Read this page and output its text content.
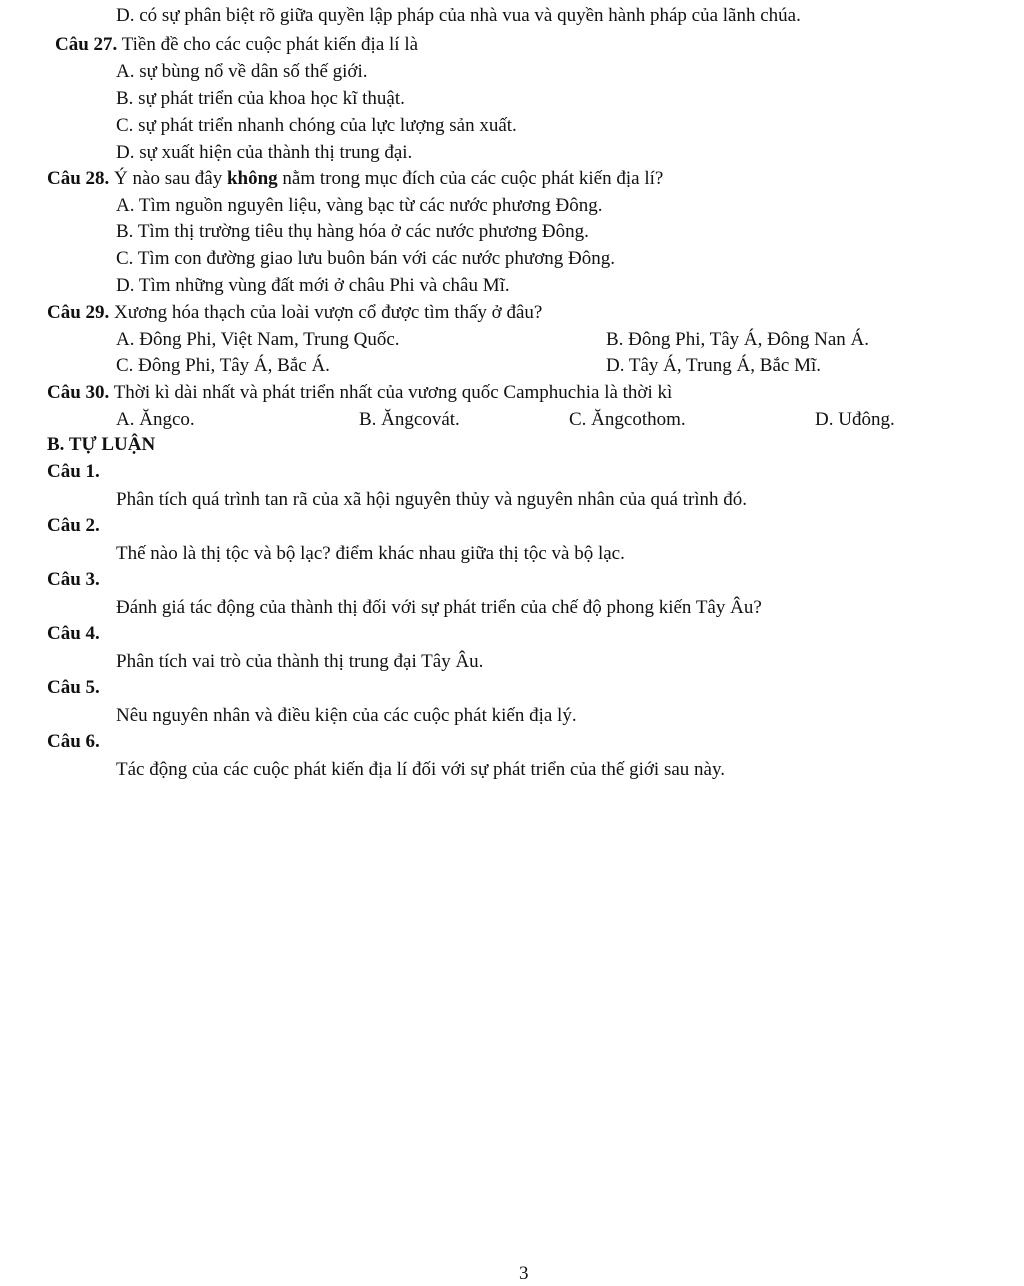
D. có sự phân biệt rõ giữa quyền lập pháp của nhà vua và quyền hành pháp của lãnh chúa.
Câu 27. Tiền đề cho các cuộc phát kiến địa lí là
A. sự bùng nổ về dân số thế giới.
B. sự phát triển của khoa học kĩ thuật.
C. sự phát triển nhanh chóng của lực lượng sản xuất.
D. sự xuất hiện của thành thị trung đại.
Câu 28. Ý nào sau đây không nằm trong mục đích của các cuộc phát kiến địa lí?
A. Tìm nguồn nguyên liệu, vàng bạc từ các nước phương Đông.
B. Tìm thị trường tiêu thụ hàng hóa ở các nước phương Đông.
C. Tìm con đường giao lưu buôn bán với các nước phương Đông.
D. Tìm những vùng đất mới ở châu Phi và châu Mĩ.
Câu 29. Xương hóa thạch của loài vượn cổ được tìm thấy ở đâu?
A. Đông Phi, Việt Nam, Trung Quốc.	B. Đông Phi, Tây Á, Đông Nan Á.
C. Đông Phi, Tây Á, Bắc Á.	D. Tây Á, Trung Á, Bắc Mĩ.
Câu 30. Thời kì dài nhất và phát triển nhất của vương quốc Camphuchia là thời kì
A. Ăngco.	B. Ăngcovát.	C. Ăngcothom.	D. Uđông.
B. TỰ LUẬN
Câu 1.
Phân tích quá trình tan rã của xã hội nguyên thủy và nguyên nhân của quá trình đó.
Câu 2.
Thế nào là thị tộc và bộ lạc? điểm khác nhau giữa thị tộc và bộ lạc.
Câu 3.
Đánh giá tác động của thành thị đối với sự phát triển của chế độ phong kiến Tây Âu?
Câu 4.
Phân tích vai trò của thành thị trung đại Tây Âu.
Câu 5.
Nêu nguyên nhân và điều kiện của các cuộc phát kiến địa lý.
Câu 6.
Tác động của các cuộc phát kiến địa lí đối với sự phát triển của thế giới sau này.
3
